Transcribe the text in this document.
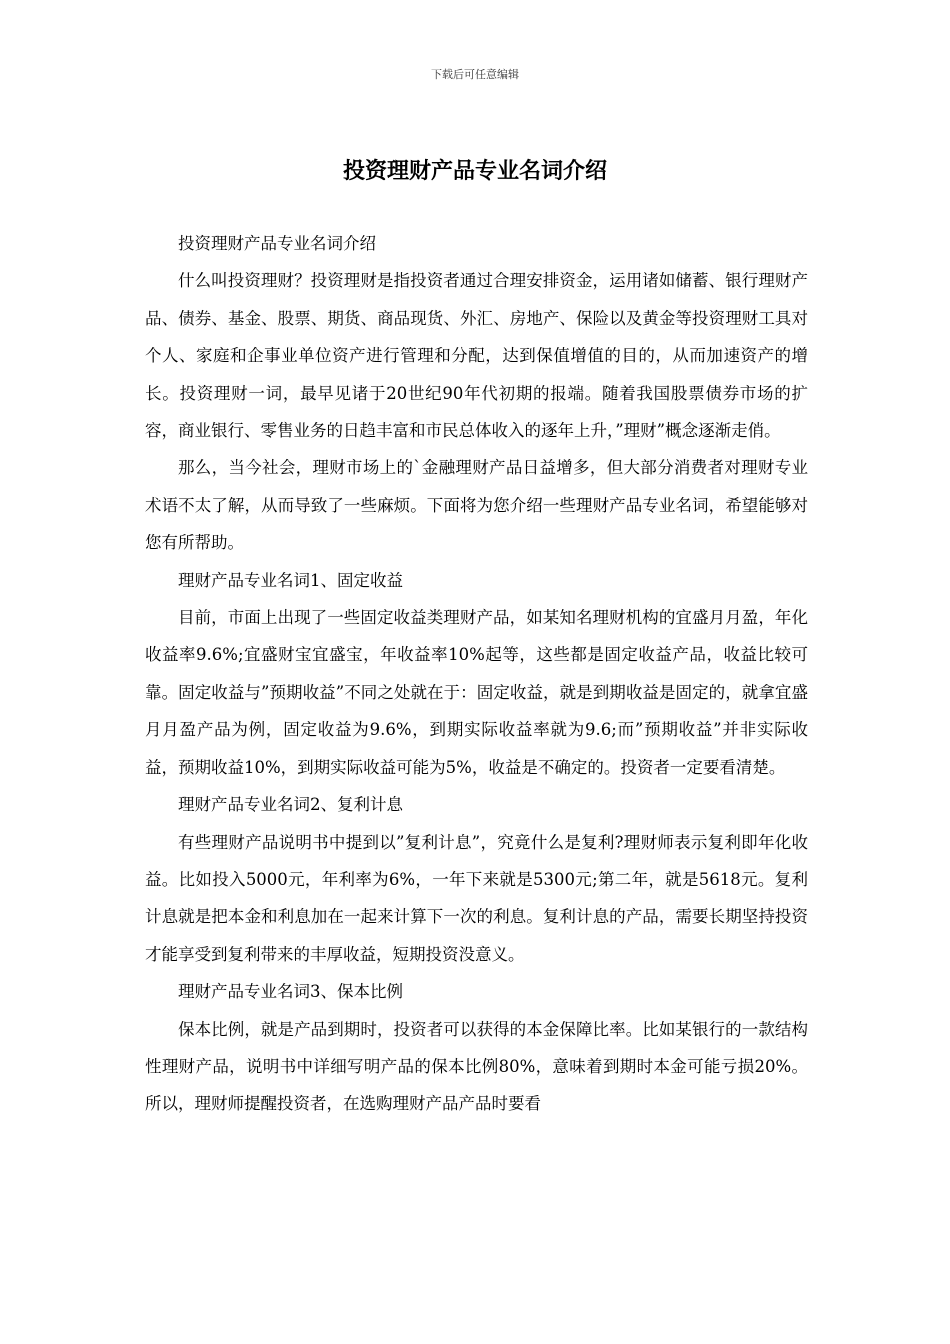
下载后可任意编辑
投资理财产品专业名词介绍

投资理财产品专业名词介绍

什么叫投资理财？投资理财是指投资者通过合理安排资金，运用诸如储蓄、银行理财产品、债券、基金、股票、期货、商品现货、外汇、房地产、保险以及黄金等投资理财工具对个人、家庭和企事业单位资产进行管理和分配，达到保值增值的目的，从而加速资产的增长。投资理财一词，最早见诸于20世纪90年代初期的报端。随着我国股票债券市场的扩容，商业银行、零售业务的日趋丰富和市民总体收入的逐年上升，”理财”概念逐渐走俏。

那么，当今社会，理财市场上的`金融理财产品日益增多，但大部分消费者对理财专业术语不太了解，从而导致了一些麻烦。下面将为您介绍一些理财产品专业名词，希望能够对您有所帮助。

理财产品专业名词1、固定收益

目前，市面上出现了一些固定收益类理财产品，如某知名理财机构的宜盛月月盈，年化收益率9.6%;宜盛财宝宜盛宝，年收益率10%起等，这些都是固定收益产品，收益比较可靠。固定收益与”预期收益”不同之处就在于：固定收益，就是到期收益是固定的，就拿宜盛月月盈产品为例，固定收益为9.6%，到期实际收益率就为9.6;而”预期收益”并非实际收益，预期收益10%，到期实际收益可能为5%，收益是不确定的。投资者一定要看清楚。

理财产品专业名词2、复利计息

有些理财产品说明书中提到以”复利计息”，究竟什么是复利?理财师表示复利即年化收益。比如投入5000元，年利率为6%，一年下来就是5300元;第二年，就是5618元。复利计息就是把本金和利息加在一起来计算下一次的利息。复利计息的产品，需要长期坚持投资才能享受到复利带来的丰厚收益，短期投资没意义。

理财产品专业名词3、保本比例

保本比例，就是产品到期时，投资者可以获得的本金保障比率。比如某银行的一款结构性理财产品，说明书中详细写明产品的保本比例80%，意味着到期时本金可能亏损20%。所以，理财师提醒投资者，在选购理财产品产品时要看
